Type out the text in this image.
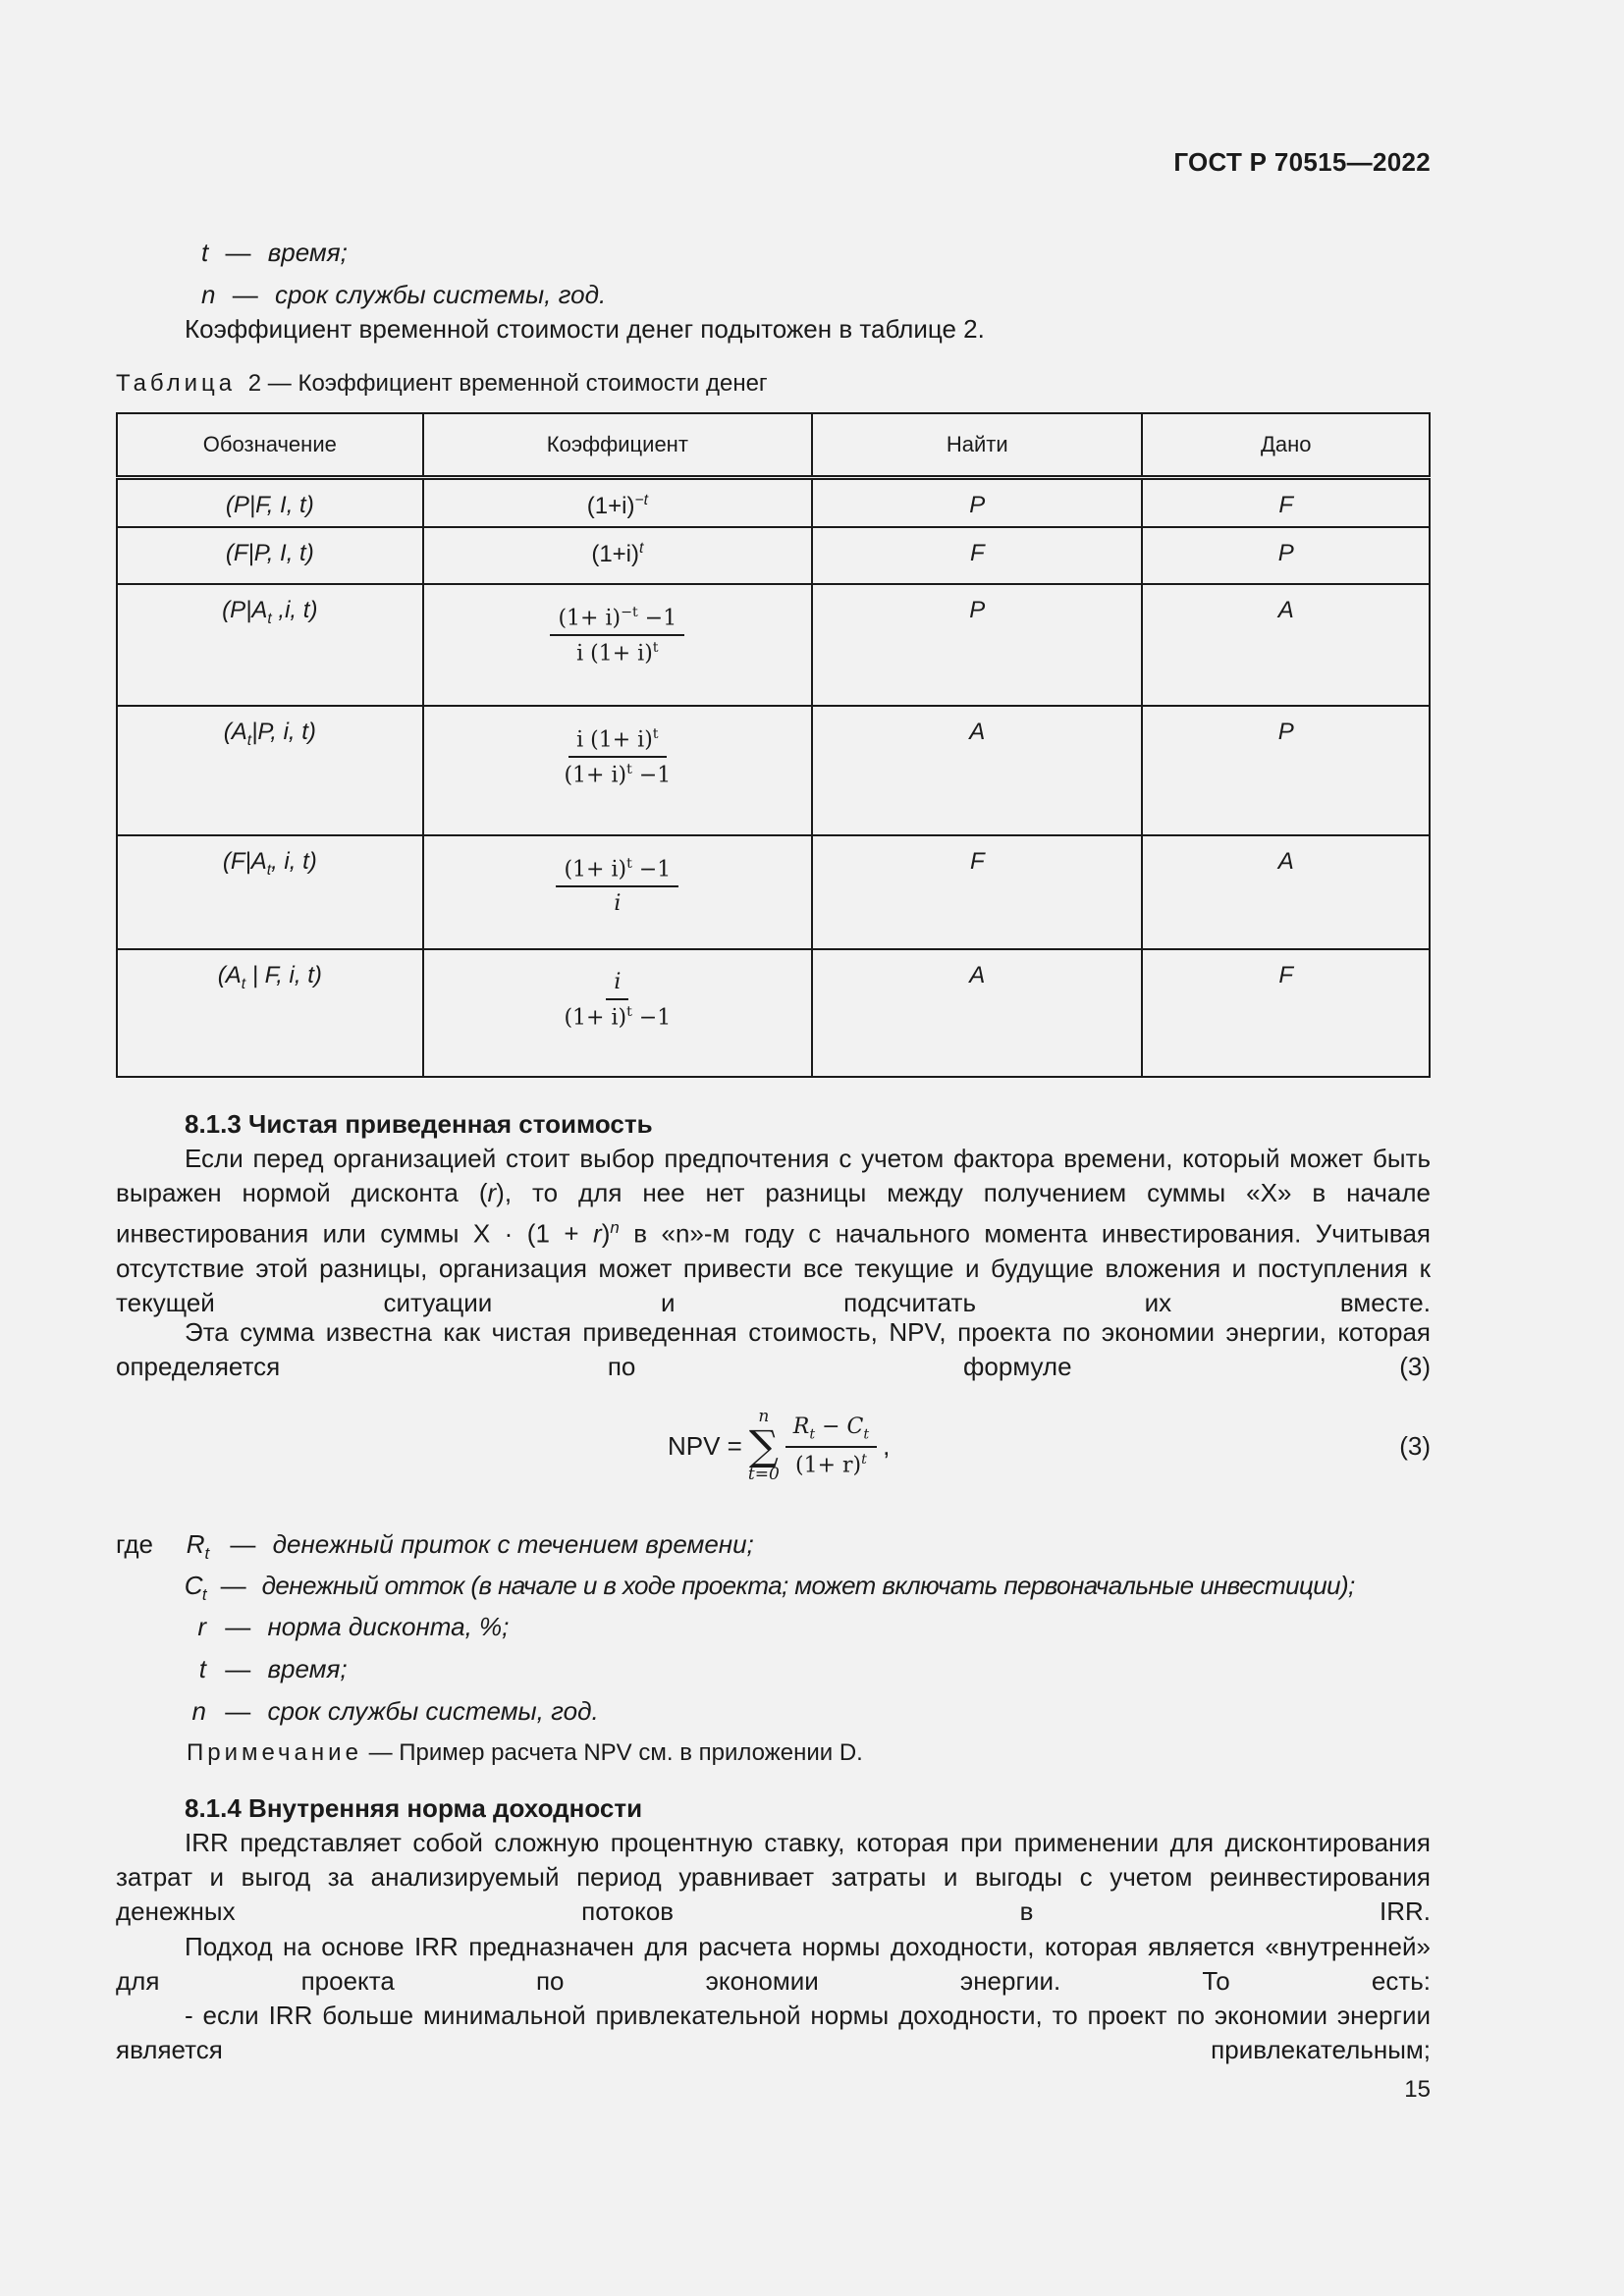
ГОСТ Р 70515—2022
t — время;
n — срок службы системы, год.
Коэффициент временной стоимости денег подытожен в таблице 2.
Таблица 2 — Коэффициент временной стоимости денег
Обозначение	Коэффициент	Найти	Дано
(P|F, I, t)	$(1+i)^{-t}$	P	F
(F|P, I, t)	$(1+i)^t$	F	P
($P|A_t$ ,i, t)	$\frac{(1+ i)^{-t} -1}{i (1+ i)^t}$	P	A
($A_t|P$, i, t)	$\frac{i (1+ i)^t}{(1+ i)^t -1}$	A	P
($F|A_t$, i, t)	$\frac{(1+ i)^t -1}{i}$	F	A
($A_t$ | F, i, t)	$\frac{i}{(1+ i)^t -1}$	A	F
8.1.3 Чистая приведенная стоимость
Если перед организацией стоит выбор предпочтения с учетом фактора времени, который может быть выражен нормой дисконта (r), то для нее нет разницы между получением суммы «X» в начале инвестирования или суммы $X \cdot (1 + r)^n$ в «n»-м году с начального момента инвестирования. Учитывая отсутствие этой разницы, организация может привести все текущие и будущие вложения и поступления к текущей ситуации и подсчитать их вместе.
Эта сумма известна как чистая приведенная стоимость, NPV, проекта по экономии энергии, которая определяется по формуле (3)
NPV =
n
∑
$t=0 \frac{R_t - C_t}{(1+ r)^t}$ ,	(3)
где $R_t$ — денежный приток с течением времени;
$C_t$ — денежный отток (в начале и в ходе проекта; может включать первоначальные инвестиции);
r — норма дисконта, %;
t — время;
n — срок службы системы, год.
Примечание — Пример расчета NPV см. в приложении D.
8.1.4 Внутренняя норма доходности
IRR представляет собой сложную процентную ставку, которая при применении для дисконтирования затрат и выгод за анализируемый период уравнивает затраты и выгоды с учетом реинвестирования денежных потоков в IRR.
Подход на основе IRR предназначен для расчета нормы доходности, которая является «внутренней» для проекта по экономии энергии. То есть:
- если IRR больше минимальной привлекательной нормы доходности, то проект по экономии энергии является привлекательным;
15
